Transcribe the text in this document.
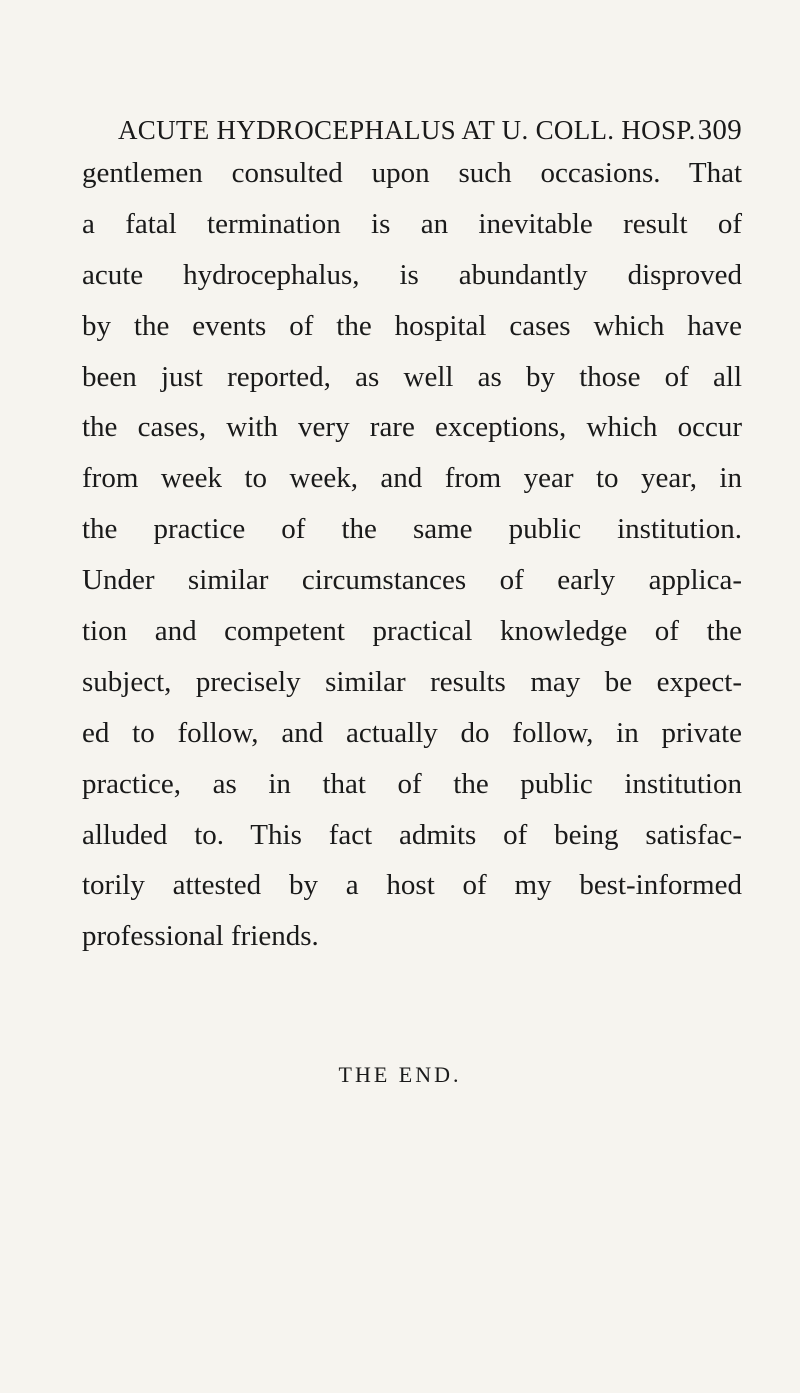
ACUTE HYDROCEPHALUS AT U. COLL. HOSP. 309
gentlemen consulted upon such occasions. That
a fatal termination is an inevitable result of
acute hydrocephalus, is abundantly disproved
by the events of the hospital cases which have
been just reported, as well as by those of all
the cases, with very rare exceptions, which occur
from week to week, and from year to year, in
the practice of the same public institution.
Under similar circumstances of early applica-
tion and competent practical knowledge of the
subject, precisely similar results may be expect-
ed to follow, and actually do follow, in private
practice, as in that of the public institution
alluded to. This fact admits of being satisfac-
torily attested by a host of my best-informed
professional friends.
THE END.
